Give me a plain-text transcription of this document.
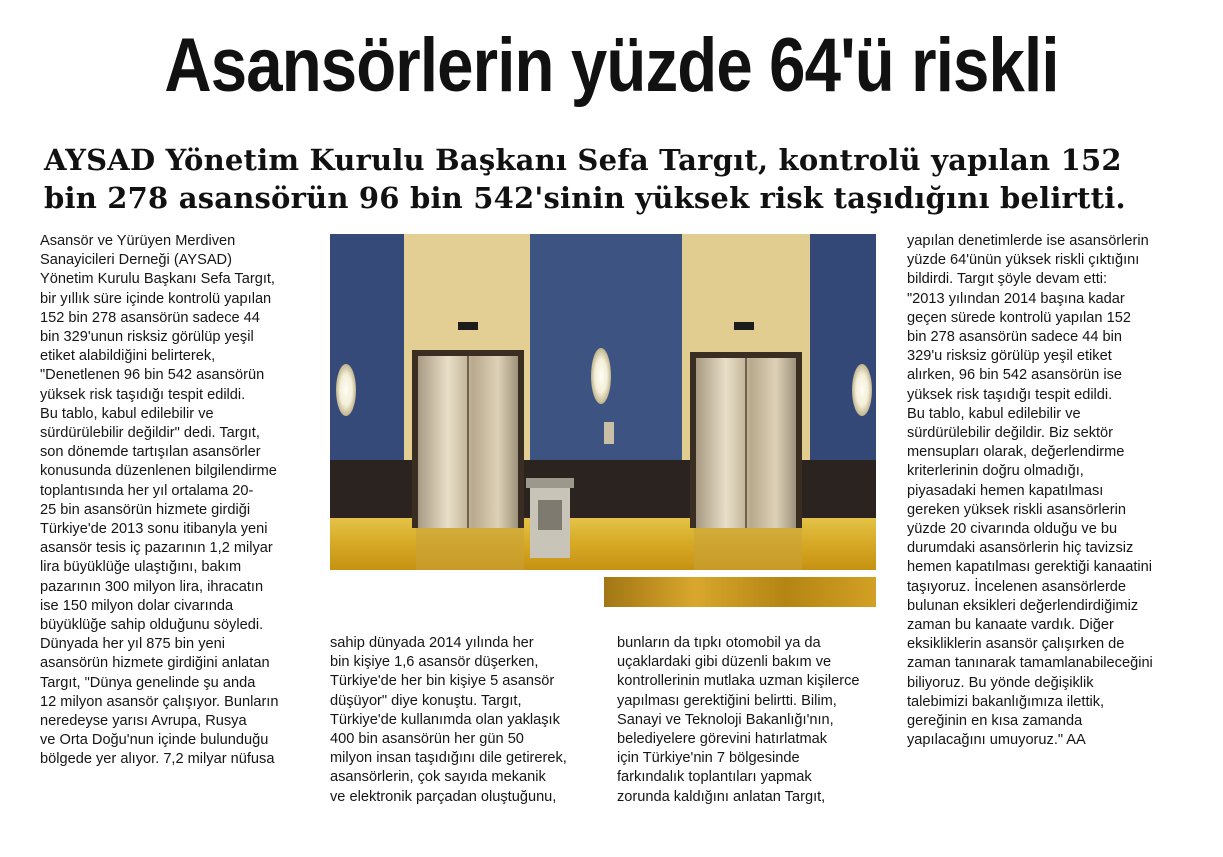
Asansörlerin yüzde 64'ü riskli
AYSAD Yönetim Kurulu Başkanı Sefa Targıt, kontrolü yapılan 152
bin 278 asansörün 96 bin 542'sinin yüksek risk taşıdığını belirtti.

Asansör ve Yürüyen Merdiven

Sanayicileri Derneği (AYSAD)

Yönetim Kurulu Başkanı Sefa Targıt,

bir yıllık süre içinde kontrolü yapılan

152 bin 278 asansörün sadece 44

bin 329'unun risksiz görülüp yeşil

etiket alabildiğini belirterek,

"Denetlenen 96 bin 542 asansörün

yüksek risk taşıdığı tespit edildi.

Bu tablo, kabul edilebilir ve

sürdürülebilir değildir" dedi. Targıt,

son dönemde tartışılan asansörler

konusunda düzenlenen bilgilendirme

toplantısında her yıl ortalama 20-

25 bin asansörün hizmete girdiği

Türkiye'de 2013 sonu itibanyla yeni

asansör tesis iç pazarının 1,2 milyar

lira büyüklüğe ulaştığını, bakım

pazarının 300 milyon lira, ihracatın

ise 150 milyon dolar civarında

büyüklüğe sahip olduğunu söyledi.

Dünyada her yıl 875 bin yeni

asansörün hizmete girdiğini anlatan

Targıt, "Dünya genelinde şu anda

12 milyon asansör çalışıyor. Bunların

neredeyse yarısı Avrupa, Rusya

ve Orta Doğu'nun içinde bulunduğu

bölgede yer alıyor. 7,2 milyar nüfusa

sahip dünyada 2014 yılında her

bin kişiye 1,6 asansör düşerken,

Türkiye'de her bin kişiye 5 asansör

düşüyor" diye konuştu. Targıt,

Türkiye'de kullanımda olan yaklaşık

400 bin asansörün her gün 50

milyon insan taşıdığını dile getirerek,

asansörlerin, çok sayıda mekanik

ve elektronik parçadan oluştuğunu,

bunların da tıpkı otomobil ya da

uçaklardaki gibi düzenli bakım ve

kontrollerinin mutlaka uzman kişilerce

yapılması gerektiğini belirtti. Bilim,

Sanayi ve Teknoloji Bakanlığı'nın,

belediyelere görevini hatırlatmak

için Türkiye'nin 7 bölgesinde

farkındalık toplantıları yapmak

zorunda kaldığını anlatan Targıt,

yapılan denetimlerde ise asansörlerin

yüzde 64'ünün yüksek riskli çıktığını

bildirdi. Targıt şöyle devam etti:

"2013 yılından 2014 başına kadar

geçen sürede kontrolü yapılan 152

bin 278 asansörün sadece 44 bin

329'u risksiz görülüp yeşil etiket

alırken, 96 bin 542 asansörün ise

yüksek risk taşıdığı tespit edildi.

Bu tablo, kabul edilebilir ve

sürdürülebilir değildir. Biz sektör

mensupları olarak, değerlendirme

kriterlerinin doğru olmadığı,

piyasadaki hemen kapatılması

gereken yüksek riskli asansörlerin

yüzde 20 civarında olduğu ve bu

durumdaki asansörlerin hiç tavizsiz

hemen kapatılması gerektiği kanaatini

taşıyoruz. İncelenen asansörlerde

bulunan eksikleri değerlendirdiğimiz

zaman bu kanaate vardık. Diğer

eksikliklerin asansör çalışırken de

zaman tanınarak tamamlanabileceğini

biliyoruz. Bu yönde değişiklik

talebimizi bakanlığımıza ilettik,

gereğinin en kısa zamanda

yapılacağını umuyoruz." AA
